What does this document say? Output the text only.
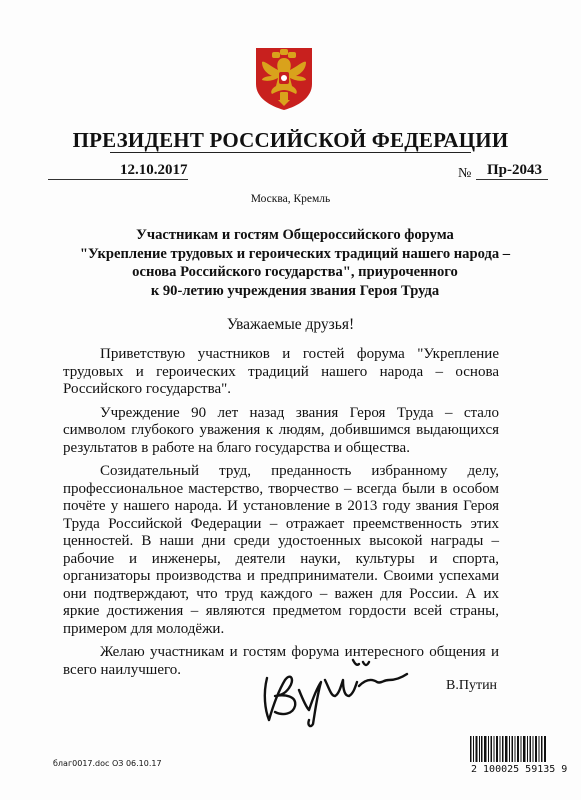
ПРЕЗИДЕНТ РОССИЙСКОЙ ФЕДЕРАЦИИ
12.10.2017	№ Пр-2043
Москва, Кремль
Участникам и гостям Общероссийского форума
"Укрепление трудовых и героических традиций нашего народа –
основа Российского государства", приуроченного
к 90-летию учреждения звания Героя Труда
Уважаемые друзья!

Приветствую участников и гостей форума "Укрепление трудовых и героических традиций нашего народа – основа Российского государства".

Учреждение 90 лет назад звания Героя Труда – стало символом глубокого уважения к людям, добившимся выдающихся результатов в работе на благо государства и общества.

Созидательный труд, преданность избранному делу, профессиональное мастерство, творчество – всегда были в особом почёте у нашего народа. И установление в 2013 году звания Героя Труда Российской Федерации – отражает преемственность этих ценностей. В наши дни среди удостоенных высокой награды – рабочие и инженеры, деятели науки, культуры и спорта, организаторы производства и предприниматели. Своими успехами они подтверждают, что труд каждого – важен для России. А их яркие достижения – являются предметом гордости всей страны, примером для молодёжи.

Желаю участникам и гостям форума интересного общения и всего наилучшего.

В.Путин
благ0017.doc ОЗ 06.10.17
2 100025 59135 9
